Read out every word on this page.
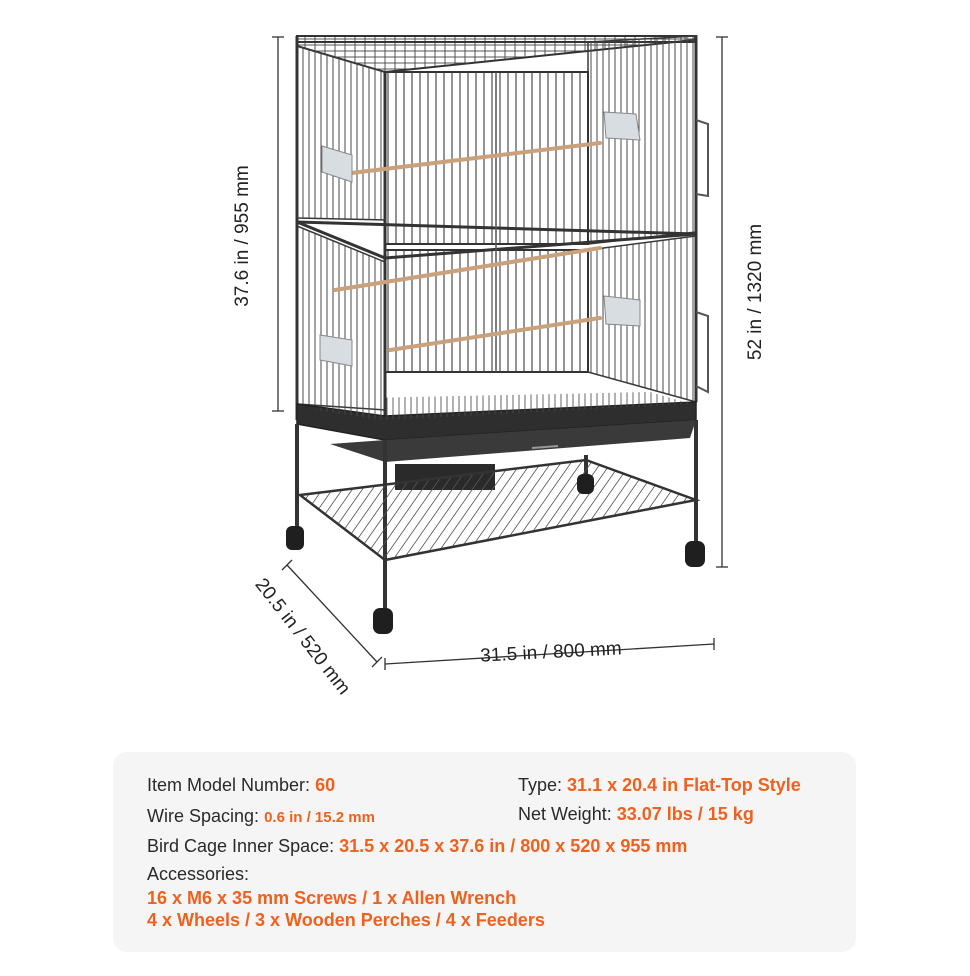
37.6 in / 955 mm	52 in / 1320 mm
20.5 in / 520 mm	31.5 in / 800 mm
Item Model Number: 60	Type: 31.1 x 20.4 in Flat-Top Style
Wire Spacing: 0.6 in / 15.2 mm	Net Weight: 33.07 lbs / 15 kg
Bird Cage Inner Space: 31.5 x 20.5 x 37.6 in / 800 x 520 x 955 mm
Accessories:
16 x M6 x 35 mm Screws / 1 x Allen Wrench
4 x Wheels / 3 x Wooden Perches / 4 x Feeders
